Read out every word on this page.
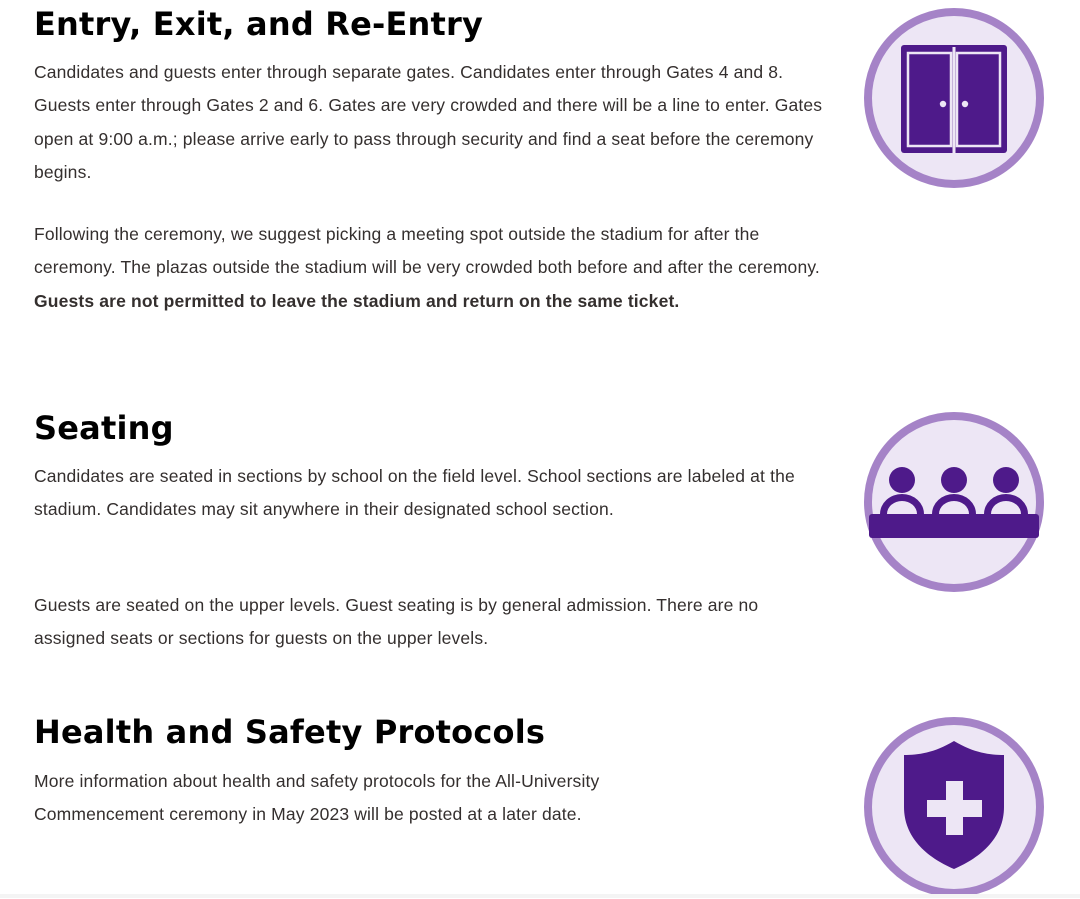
Entry, Exit, and Re-Entry

Candidates and guests enter through separate gates. Candidates enter through Gates 4 and 8. Guests enter through Gates 2 and 6. Gates are very crowded and there will be a line to enter. Gates open at 9:00 a.m.; please arrive early to pass through security and find a seat before the ceremony begins.

Following the ceremony, we suggest picking a meeting spot outside the stadium for after the ceremony. The plazas outside the stadium will be very crowded both before and after the ceremony. Guests are not permitted to leave the stadium and return on the same ticket.

Seating

Candidates are seated in sections by school on the field level. School sections are labeled at the stadium. Candidates may sit anywhere in their designated school section.

Guests are seated on the upper levels. Guest seating is by general admission. There are no assigned seats or sections for guests on the upper levels.

Health and Safety Protocols

More information about health and safety protocols for the All-University Commencement ceremony in May 2023 will be posted at a later date.
